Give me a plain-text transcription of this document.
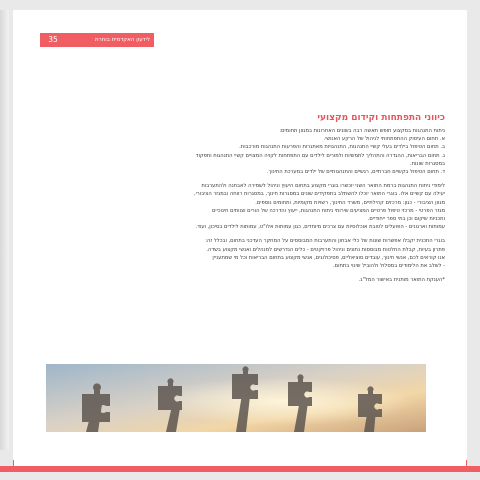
35	לידעון האקדמית בוחרת
כיווני התפתחות וקידום מקצועי
ניתוח התנהגות במקצוע חופש תאשה רבה בשונים האחרונות במגוון תחומים:
א. תחום העיסוק ההתפתחותי לניהול של הרקע האנושי.
ב. תחום הטיפול בילדים בעלי קשיי התנהגות, התנהגויות מאתגרות והפרעות התנהגות מורכבות.
ג. תחום הבריאות, ההגדרה והתהליך לתמשיות ולמורים לילדים עם התפתחות לקויה המצויים קשיי התנהגות ותפקוד
במסגרות שונות.
ד. תחום הטיפול בקשיים חברתיים, רגשיים והתנהגותיים של ילדים במערכת החינוך.
לימודי ניתוח התנהגות ברמת התואר השני יוכשרו בוגרי מקצוע בתחום היעוץ וניהול לשמירה לאבחנה ולהתערבות
יעילה עם קשיים אלו. בוגרי התואר יוכלו להשתלב בתפקידים שונים במסגרות חינוך, במסגרות רווחה ובמגזר הציבורי,
מגוון הציבורי - כגון: מרכזים קהילתיים, משרד החינוך, רשויות מקומיות, ותחומים נוספים.
מגזר הפרטי - מרכזי טיפול פרטיים המציעים שירותי ניתוח התנהגות, ייעוץ והדרכה של הורים וצוותים חינוכיים
ותכניות שיקום וכן בתי ספר ייחודיים.
עמותות וארגונים - הפועלים לטובת אוכלוסיות עם צרכים מיוחדים, כגון עמותות אלו"ט, עמותות לילדים בסיכון, ועוד.
בוגרי התכנית יקבלו אפשרות שונות של כלי אבחון והתערבות המבוססים על המחקר העדכני בתחום, ובכלל זה:
פתרון בעיות, קבלת החלטות מבוססות נתונים וניהול פרויקטים - כלים הנדרשים למנהלים ואנשי מקצוע בשדה.
אנו קוראים לכם, אנשי חינוך, עובדים סוציאליים, פסיכולוגים, אנשי מקצוע בתחום הבריאות וכל מי שמתעניין
- לשלב את הלימודים במסלול ולהוביל שינוי בתחום.
*הענקת התואר מותנית באישור המל"ג.
